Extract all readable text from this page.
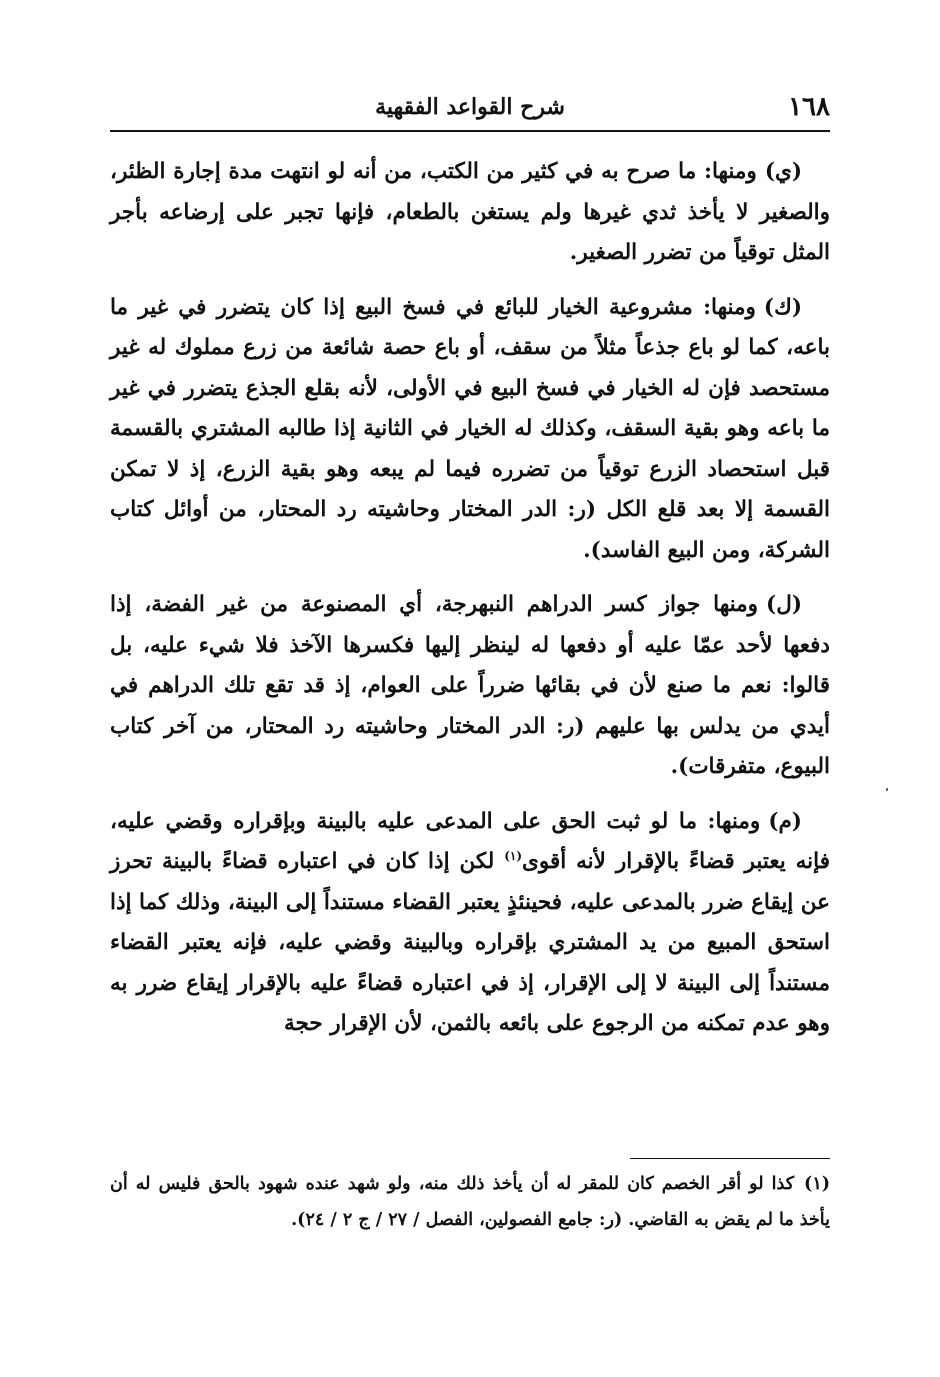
١٦٨
شرح القواعد الفقهية

(ي)ومنها: ما صرح به في كثير من الكتب، من أنه لو انتهت مدة إجارة الظئر، والصغير لا يأخذ ثدي غيرها ولم يستغن بالطعام، فإنها تجبر على إرضاعه بأجر المثل توقياً من تضرر الصغير.

(ك)ومنها: مشروعية الخيار للبائع في فسخ البيع إذا كان يتضرر في غير ما باعه، كما لو باع جذعاً مثلاً من سقف، أو باع حصة شائعة من زرع مملوك له غير مستحصد فإن له الخيار في فسخ البيع في الأولى، لأنه بقلع الجذع يتضرر في غير ما باعه وهو بقية السقف، وكذلك له الخيار في الثانية إذا طالبه المشتري بالقسمة قبل استحصاد الزرع توقياً من تضرره فيما لم يبعه وهو بقية الزرع، إذ لا تمكن القسمة إلا بعد قلع الكل (ر: الدر المختار وحاشيته رد المحتار، من أوائل كتاب الشركة، ومن البيع الفاسد).

(ل)ومنها جواز كسر الدراهم النبهرجة، أي المصنوعة من غير الفضة، إذا دفعها لأحد عمّا عليه أو دفعها له لينظر إليها فكسرها الآخذ فلا شيء عليه، بل قالوا: نعم ما صنع لأن في بقائها ضرراً على العوام، إذ قد تقع تلك الدراهم في أيدي من يدلس بها عليهم (ر: الدر المختار وحاشيته رد المحتار، من آخر كتاب البيوع، متفرقات).

(م)ومنها: ما لو ثبت الحق على المدعى عليه بالبينة وبإقراره وقضي عليه، فإنه يعتبر قضاءً بالإقرار لأنه أقوى$^{(١)}$ لكن إذا كان في اعتباره قضاءً بالبينة تحرز عن إيقاع ضرر بالمدعى عليه، فحينئذٍ يعتبر القضاء مستنداً إلى البينة، وذلك كما إذا استحق المبيع من يد المشتري بإقراره وبالبينة وقضي عليه، فإنه يعتبر القضاء مستنداً إلى البينة لا إلى الإقرار، إذ في اعتباره قضاءً عليه بالإقرار إيقاع ضرر به وهو عدم تمكنه من الرجوع على بائعه بالثمن، لأن الإقرار حجة

(١)كذا لو أقر الخصم كان للمقر له أن يأخذ ذلك منه، ولو شهد عنده شهود بالحق فليس له أن يأخذ ما لم يقض به القاضي. (ر: جامع الفصولين، الفصل / ٢٧ / ج ٢ / ٢٤).
